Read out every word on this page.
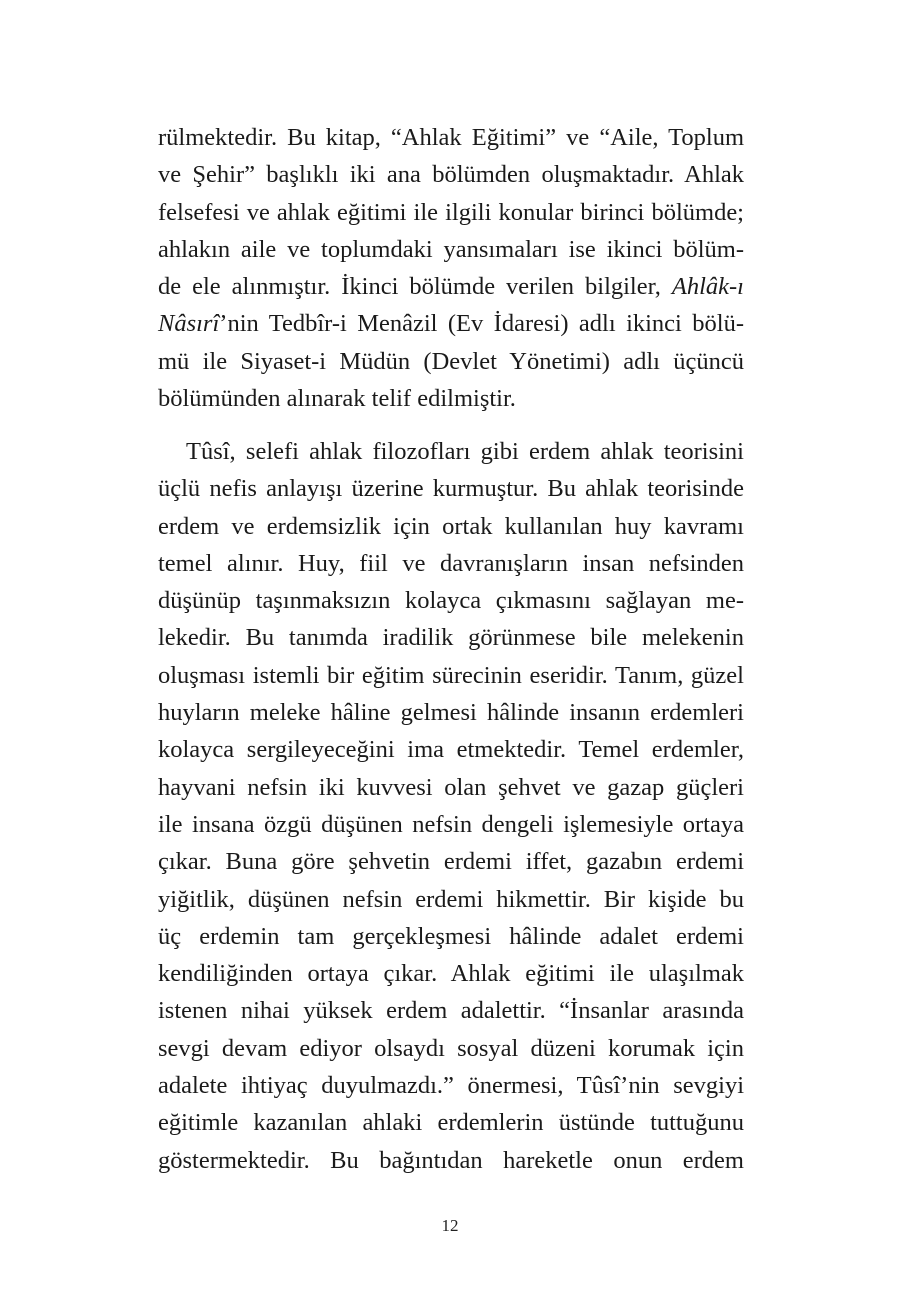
rülmektedir. Bu kitap, “Ahlak Eğitimi” ve “Aile, Toplum
ve Şehir” başlıklı iki ana bölümden oluşmaktadır. Ahlak
felsefesi ve ahlak eğitimi ile ilgili konular birinci bölümde;
ahlakın aile ve toplumdaki yansımaları ise ikinci bölüm-
de ele alınmıştır. İkinci bölümde verilen bilgiler, Ahlâk-ı
Nâsırî’nin Tedbîr-i Menâzil (Ev İdaresi) adlı ikinci bölü-
mü ile Siyaset-i Müdün (Devlet Yönetimi) adlı üçüncü
bölümünden alınarak telif edilmiştir.
Tûsî, selefi ahlak filozofları gibi erdem ahlak teorisini
üçlü nefis anlayışı üzerine kurmuştur. Bu ahlak teorisinde
erdem ve erdemsizlik için ortak kullanılan huy kavramı
temel alınır. Huy, fiil ve davranışların insan nefsinden
düşünüp taşınmaksızın kolayca çıkmasını sağlayan me-
lekedir. Bu tanımda iradilik görünmese bile melekenin
oluşması istemli bir eğitim sürecinin eseridir. Tanım, güzel
huyların meleke hâline gelmesi hâlinde insanın erdemleri
kolayca sergileyeceğini ima etmektedir. Temel erdemler,
hayvani nefsin iki kuvvesi olan şehvet ve gazap güçleri
ile insana özgü düşünen nefsin dengeli işlemesiyle ortaya
çıkar. Buna göre şehvetin erdemi iffet, gazabın erdemi
yiğitlik, düşünen nefsin erdemi hikmettir. Bir kişide bu
üç erdemin tam gerçekleşmesi hâlinde adalet erdemi
kendiliğinden ortaya çıkar. Ahlak eğitimi ile ulaşılmak
istenen nihai yüksek erdem adalettir. “İnsanlar arasında
sevgi devam ediyor olsaydı sosyal düzeni korumak için
adalete ihtiyaç duyulmazdı.” önermesi, Tûsî’nin sevgiyi
eğitimle kazanılan ahlaki erdemlerin üstünde tuttuğunu
göstermektedir. Bu bağıntıdan hareketle onun erdem
12
